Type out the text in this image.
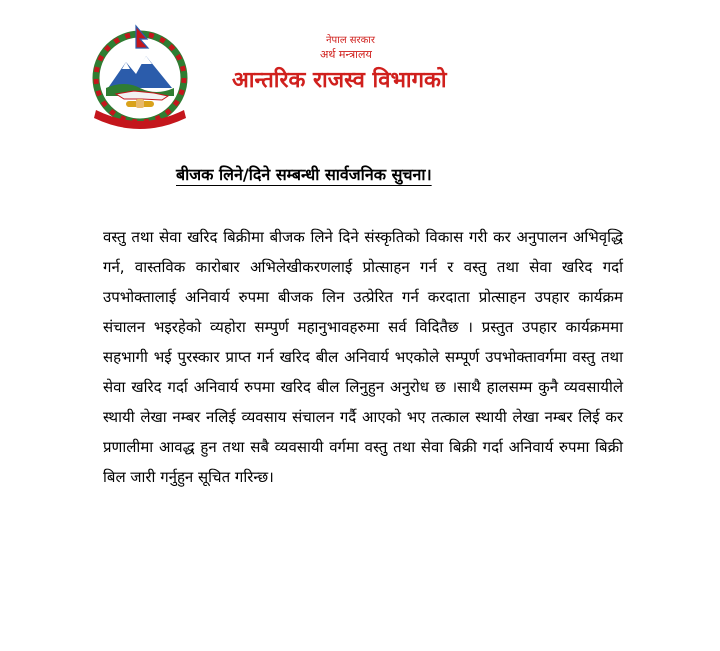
नेपाल सरकार
अर्थ मन्त्रालय
आन्तरिक राजस्व विभागको
बीजक लिने/दिने सम्बन्धी सार्वजनिक सुचना।

वस्तु तथा सेवा खरिद बिक्रीमा बीजक लिने दिने संस्कृतिको विकास गरी कर अनुपालन अभिवृद्धि गर्न, वास्तविक कारोबार अभिलेखीकरणलाई प्रोत्साहन गर्न र वस्तु तथा सेवा खरिद गर्दा उपभोक्तालाई अनिवार्य रुपमा बीजक लिन उत्प्रेरित गर्न करदाता प्रोत्साहन उपहार कार्यक्रम संचालन भइरहेको व्यहोरा सम्पुर्ण महानुभावहरुमा सर्व विदितैछ । प्रस्तुत उपहार कार्यक्रममा सहभागी भई पुरस्कार प्राप्त गर्न खरिद बील अनिवार्य भएकोले सम्पूर्ण उपभोक्तावर्गमा वस्तु तथा सेवा खरिद गर्दा अनिवार्य रुपमा खरिद बील लिनुहुन अनुरोध छ ।साथै हालसम्म कुनै व्यवसायीले स्थायी लेखा नम्बर नलिई व्यवसाय संचालन गर्दै आएको भए तत्काल स्थायी लेखा नम्बर लिई कर प्रणालीमा आवद्ध हुन तथा सबै व्यवसायी वर्गमा वस्तु तथा सेवा बिक्री गर्दा अनिवार्य रुपमा बिक्री बिल जारी गर्नुहुन सूचित गरिन्छ।
